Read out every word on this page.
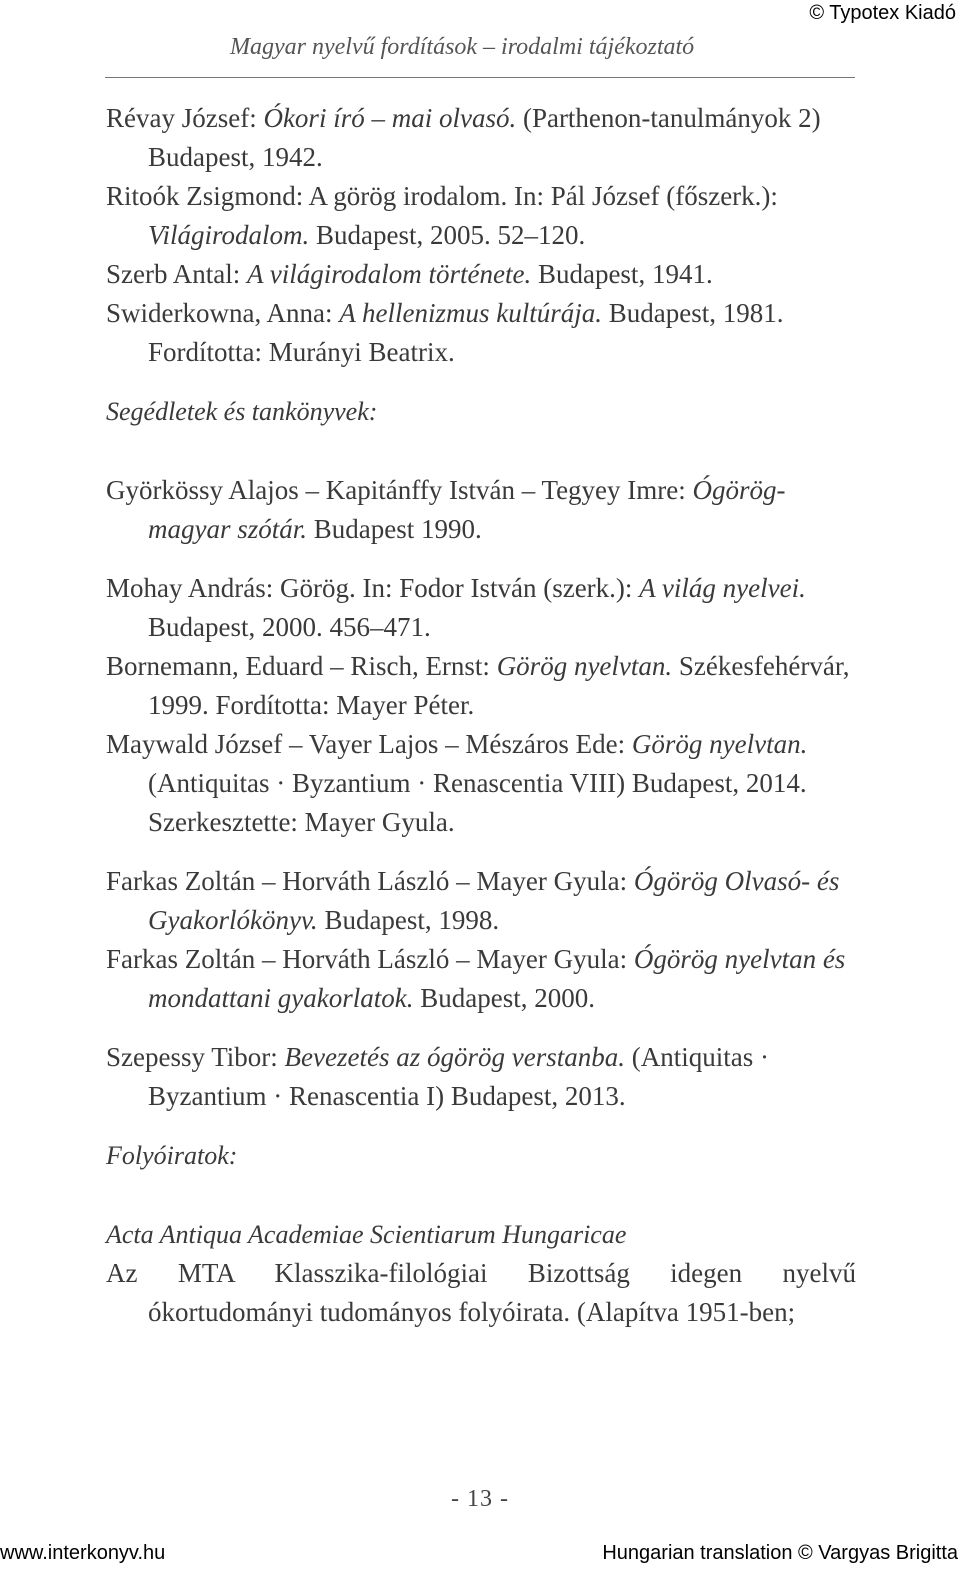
© Typotex Kiadó
Magyar nyelvű fordítások – irodalmi tájékoztató
Révay József: Ókori író – mai olvasó. (Parthenon-tanulmányok 2) Budapest, 1942.
Ritoók Zsigmond: A görög irodalom. In: Pál József (főszerk.): Világirodalom. Budapest, 2005. 52–120.
Szerb Antal: A világirodalom története. Budapest, 1941.
Swiderkowna, Anna: A hellenizmus kultúrája. Budapest, 1981. Fordította: Murányi Beatrix.
Segédletek és tankönyvek:
Györkössy Alajos – Kapitánffy István – Tegyey Imre: Ógörög-magyar szótár. Budapest 1990.
Mohay András: Görög. In: Fodor István (szerk.): A világ nyelvei. Budapest, 2000. 456–471.
Bornemann, Eduard – Risch, Ernst: Görög nyelvtan. Székesfehérvár, 1999. Fordította: Mayer Péter.
Maywald József – Vayer Lajos – Mészáros Ede: Görög nyelvtan. (Antiquitas · Byzantium · Renascentia VIII) Budapest, 2014. Szerkesztette: Mayer Gyula.
Farkas Zoltán – Horváth László – Mayer Gyula: Ógörög Olvasó- és Gyakorlókönyv. Budapest, 1998.
Farkas Zoltán – Horváth László – Mayer Gyula: Ógörög nyelvtan és mondattani gyakorlatok. Budapest, 2000.
Szepessy Tibor: Bevezetés az ógörög verstanba. (Antiquitas · Byzantium · Renascentia I) Budapest, 2013.
Folyóiratok:
Acta Antiqua Academiae Scientiarum Hungaricae
Az MTA Klasszika-filológiai Bizottság idegen nyelvű ókortudományi tudományos folyóirata. (Alapítva 1951-ben;
- 13 -
www.interkonyv.hu	Hungarian translation © Vargyas Brigitta
